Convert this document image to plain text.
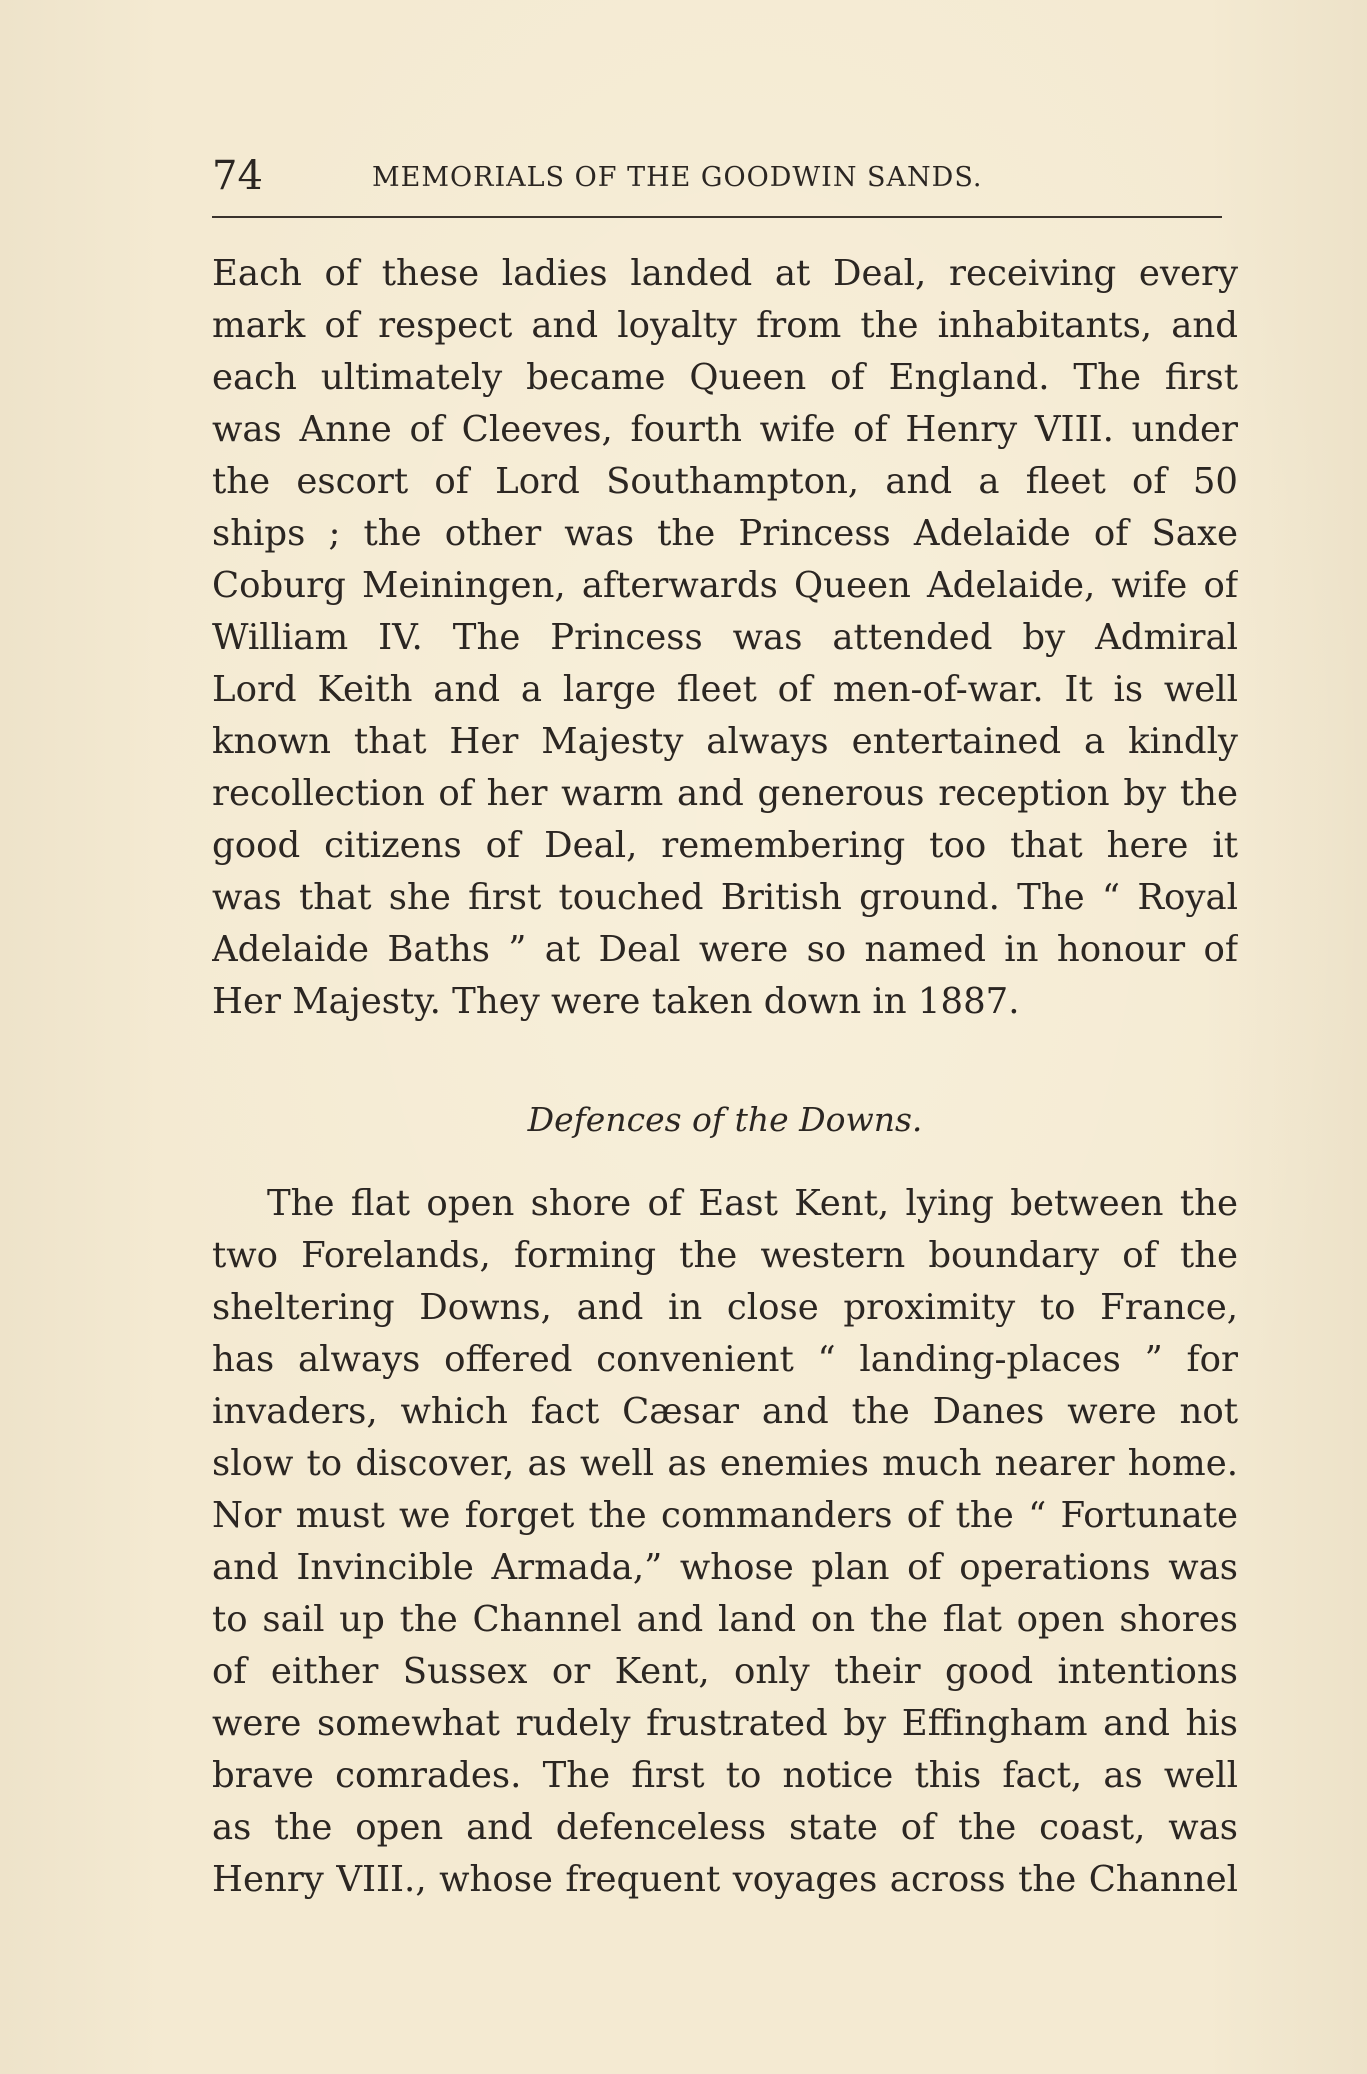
74	MEMORIALS OF THE GOODWIN SANDS.
Each of these ladies landed at Deal, receiving every
mark of respect and loyalty from the inhabitants, and
each ultimately became Queen of England. The first
was Anne of Cleeves, fourth wife of Henry VIII. under
the escort of Lord Southampton, and a fleet of 50
ships ; the other was the Princess Adelaide of Saxe
Coburg Meiningen, afterwards Queen Adelaide, wife of
William IV. The Princess was attended by Admiral
Lord Keith and a large fleet of men-of-war. It is well
known that Her Majesty always entertained a kindly
recollection of her warm and generous reception by the
good citizens of Deal, remembering too that here it
was that she first touched British ground. The “ Royal
Adelaide Baths ” at Deal were so named in honour of
Her Majesty. They were taken down in 1887.
Defences of the Downs.
The flat open shore of East Kent, lying between the
two Forelands, forming the western boundary of the
sheltering Downs, and in close proximity to France,
has always offered convenient “ landing-places ” for
invaders, which fact Cæsar and the Danes were not
slow to discover, as well as enemies much nearer home.
Nor must we forget the commanders of the “ Fortunate
and Invincible Armada,” whose plan of operations was
to sail up the Channel and land on the flat open shores
of either Sussex or Kent, only their good intentions
were somewhat rudely frustrated by Effingham and his
brave comrades. The first to notice this fact, as well
as the open and defenceless state of the coast, was
Henry VIII., whose frequent voyages across the Channel
